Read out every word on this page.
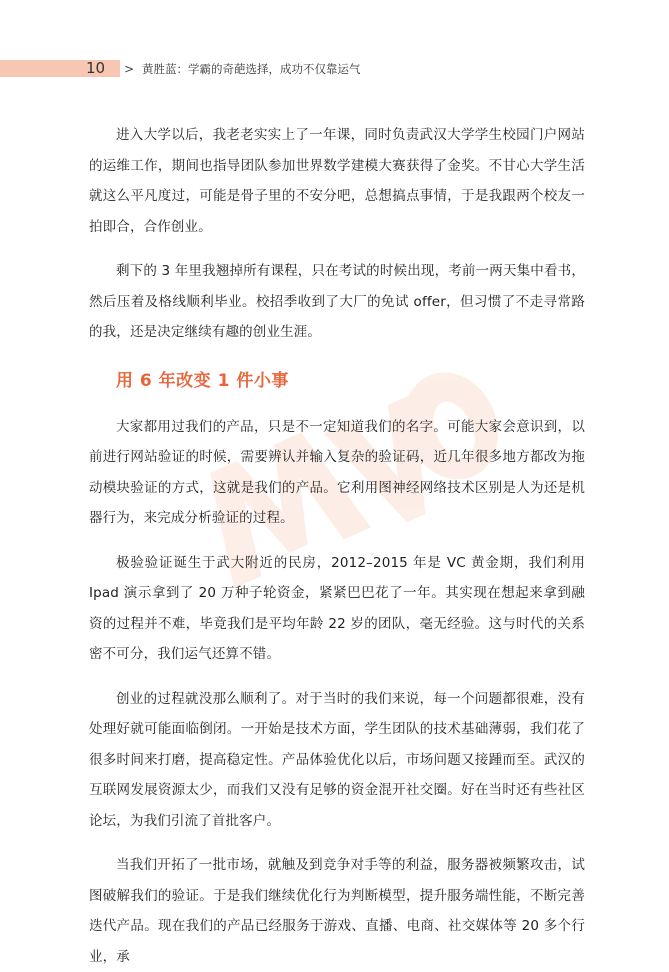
10 > 黄胜蓝：学霸的奇葩选择，成功不仅靠运气

进入大学以后，我老老实实上了一年课，同时负责武汉大学学生校园门户网站的运维工作，期间也指导团队参加世界数学建模大赛获得了金奖。不甘心大学生活就这么平凡度过，可能是骨子里的不安分吧，总想搞点事情，于是我跟两个校友一拍即合，合作创业。

剩下的 3 年里我翘掉所有课程，只在考试的时候出现，考前一两天集中看书，然后压着及格线顺利毕业。校招季收到了大厂的免试 offer，但习惯了不走寻常路的我，还是决定继续有趣的创业生涯。

用 6 年改变 1 件小事

大家都用过我们的产品，只是不一定知道我们的名字。可能大家会意识到，以前进行网站验证的时候，需要辨认并输入复杂的验证码，近几年很多地方都改为拖动模块验证的方式，这就是我们的产品。它利用图神经网络技术区别是人为还是机器行为，来完成分析验证的过程。

极验验证诞生于武大附近的民房，2012–2015 年是 VC 黄金期，我们利用 Ipad 演示拿到了 20 万种子轮资金，紧紧巴巴花了一年。其实现在想起来拿到融资的过程并不难，毕竟我们是平均年龄 22 岁的团队，毫无经验。这与时代的关系密不可分，我们运气还算不错。

创业的过程就没那么顺利了。对于当时的我们来说，每一个问题都很难，没有处理好就可能面临倒闭。一开始是技术方面，学生团队的技术基础薄弱，我们花了很多时间来打磨，提高稳定性。产品体验优化以后，市场问题又接踵而至。武汉的互联网发展资源太少，而我们又没有足够的资金混开社交圈。好在当时还有些社区论坛，为我们引流了首批客户。

当我们开拓了一批市场，就触及到竞争对手等的利益，服务器被频繁攻击，试图破解我们的验证。于是我们继续优化行为判断模型，提升服务端性能，不断完善迭代产品。现在我们的产品已经服务于游戏、直播、电商、社交媒体等 20 多个行业，承
